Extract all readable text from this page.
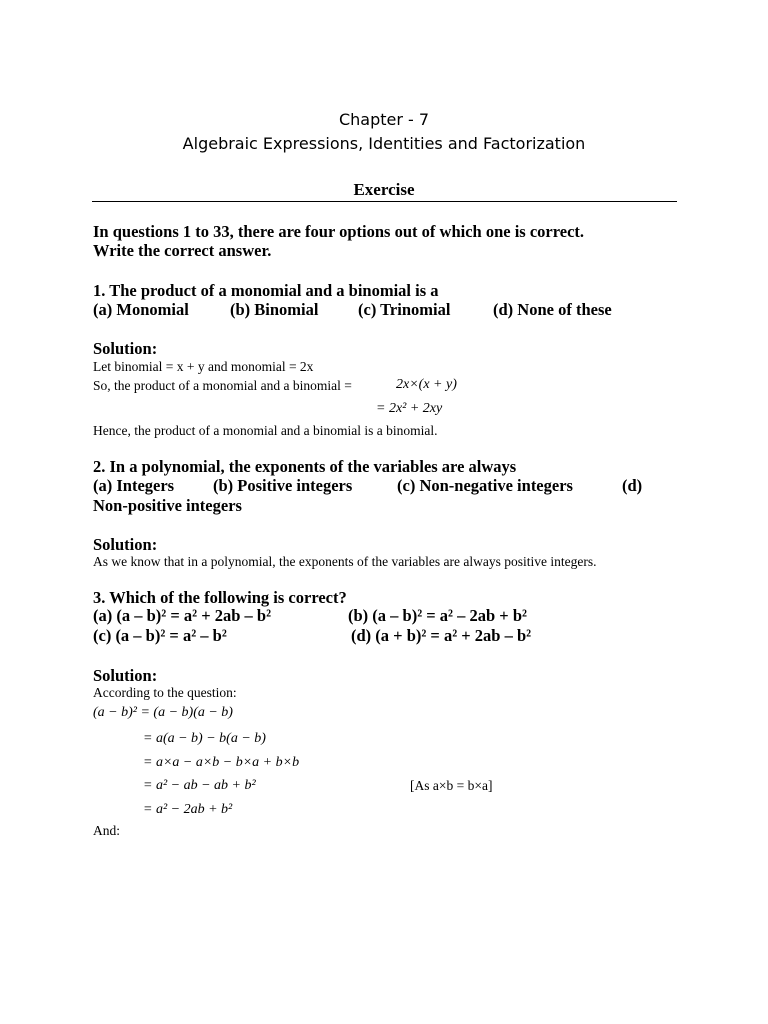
Chapter - 7
Algebraic Expressions, Identities and Factorization
Exercise
In questions 1 to 33, there are four options out of which one is correct.
Write the correct answer.
1. The product of a monomial and a binomial is a
(a) Monomial (b) Binomial (c) Trinomial	(d) None of these
Solution:
Let binomial = x + y and monomial = 2x
So, the product of a monomial and a binomial =	2x×(x + y)
= 2x² + 2xy
Hence, the product of a monomial and a binomial is a binomial.
2. In a polynomial, the exponents of the variables are always
(a) Integers (b) Positive integers	(c) Non-negative integers	(d)
Non-positive integers
Solution:
As we know that in a polynomial, the exponents of the variables are always positive integers.
3. Which of the following is correct?
(a) (a – b)² = a² + 2ab – b²	(b) (a – b)² = a² – 2ab + b²
(c) (a – b)² = a² – b²	(d) (a + b)² = a² + 2ab – b²
Solution:
According to the question:
(a − b)² = (a − b)(a − b)
= a(a − b) − b(a − b)
= a×a − a×b − b×a + b×b
= a² − ab − ab + b²	[As a×b = b×a]
= a² − 2ab + b²
And:
